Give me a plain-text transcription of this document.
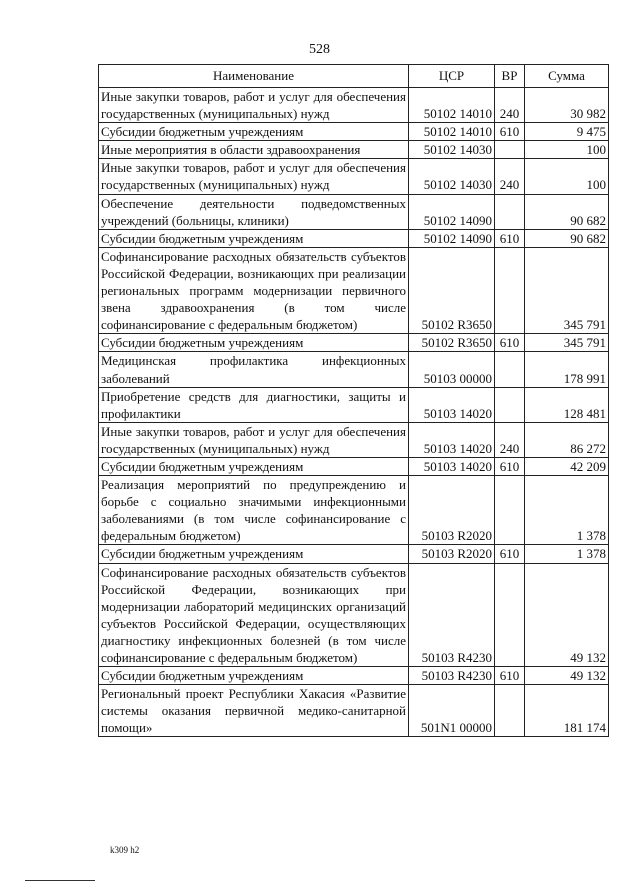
528
Наименование	ЦСР	ВР	Сумма
Иные закупки товаров, работ и услуг для обеспечения государственных (муниципальных) нужд	50102 14010	240	30 982
Субсидии бюджетным учреждениям	50102 14010	610	9 475
Иные мероприятия в области здравоохранения	50102 14030		100
Иные закупки товаров, работ и услуг для обеспечения государственных (муниципальных) нужд	50102 14030	240	100
Обеспечение деятельности подведомственных учреждений (больницы, клиники)	50102 14090		90 682
Субсидии бюджетным учреждениям	50102 14090	610	90 682
Софинансирование расходных обязательств субъектов Российской Федерации, возникающих при реализации региональных программ модернизации первичного звена здравоохранения (в том числе софинансирование с федеральным бюджетом)	50102 R3650		345 791
Субсидии бюджетным учреждениям	50102 R3650	610	345 791
Медицинская профилактика инфекционных заболеваний	50103 00000		178 991
Приобретение средств для диагностики, защиты и профилактики	50103 14020		128 481
Иные закупки товаров, работ и услуг для обеспечения государственных (муниципальных) нужд	50103 14020	240	86 272
Субсидии бюджетным учреждениям	50103 14020	610	42 209
Реализация мероприятий по предупреждению и борьбе с социально значимыми инфекционными заболеваниями (в том числе софинансирование с федеральным бюджетом)	50103 R2020		1 378
Субсидии бюджетным учреждениям	50103 R2020	610	1 378
Софинансирование расходных обязательств субъектов Российской Федерации, возникающих при модернизации лабораторий медицинских организаций субъектов Российской Федерации, осуществляющих диагностику инфекционных болезней (в том числе софинансирование с федеральным бюджетом)	50103 R4230		49 132
Субсидии бюджетным учреждениям	50103 R4230	610	49 132
Региональный проект Республики Хакасия «Развитие системы оказания первичной медико-санитарной помощи»	501N1 00000		181 174
k309 h2
